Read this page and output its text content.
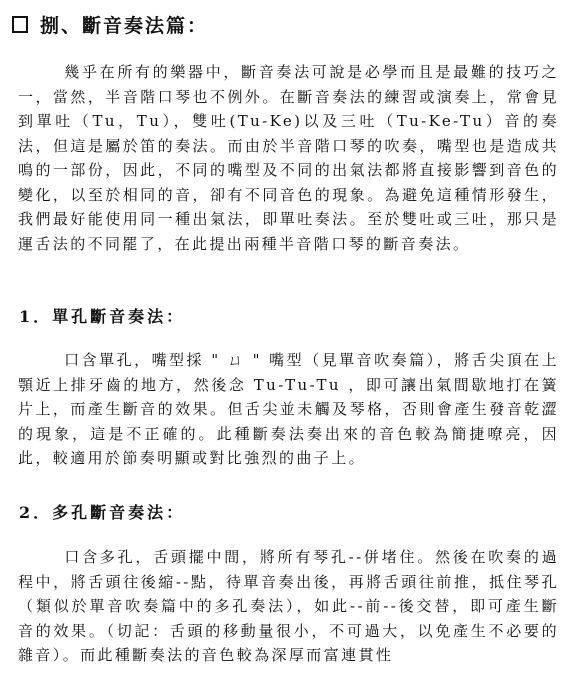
捌、斷音奏法篇：
幾乎在所有的樂器中，斷音奏法可說是必學而且是最難的技巧之一，當然，半音階口琴也不例外。在斷音奏法的練習或演奏上，常會見到單吐（Tu，Tu），雙吐(Tu-Ke)以及三吐（Tu-Ke-Tu）音的奏法，但這是屬於笛的奏法。而由於半音階口琴的吹奏，嘴型也是造成共鳴的一部份，因此，不同的嘴型及不同的出氣法都將直接影響到音色的變化，以至於相同的音，卻有不同音色的現象。為避免這種情形發生，我們最好能使用同一種出氣法，即單吐奏法。至於雙吐或三吐，那只是運舌法的不同罷了，在此提出兩種半音階口琴的斷音奏法。
1．單孔斷音奏法：
口含單孔，嘴型採 " ㄩ " 嘴型（見單音吹奏篇），將舌尖頂在上顎近上排牙齒的地方，然後念 Tu-Tu-Tu ，即可讓出氣間歇地打在簧片上，而產生斷音的效果。但舌尖並未觸及琴格，否則會產生發音乾澀的現象，這是不正確的。此種斷奏法奏出來的音色較為簡捷嘹亮，因此，較適用於節奏明顯或對比強烈的曲子上。
2．多孔斷音奏法：
口含多孔，舌頭擺中間，將所有琴孔--併堵住。然後在吹奏的過程中，將舌頭往後縮--點，待單音奏出後，再將舌頭往前推，抵住琴孔（類似於單音吹奏篇中的多孔奏法），如此--前--後交替，即可產生斷音的效果。（切記：舌頭的移動量很小，不可過大，以免產生不必要的雜音）。而此種斷奏法的音色較為深厚而富連貫性
